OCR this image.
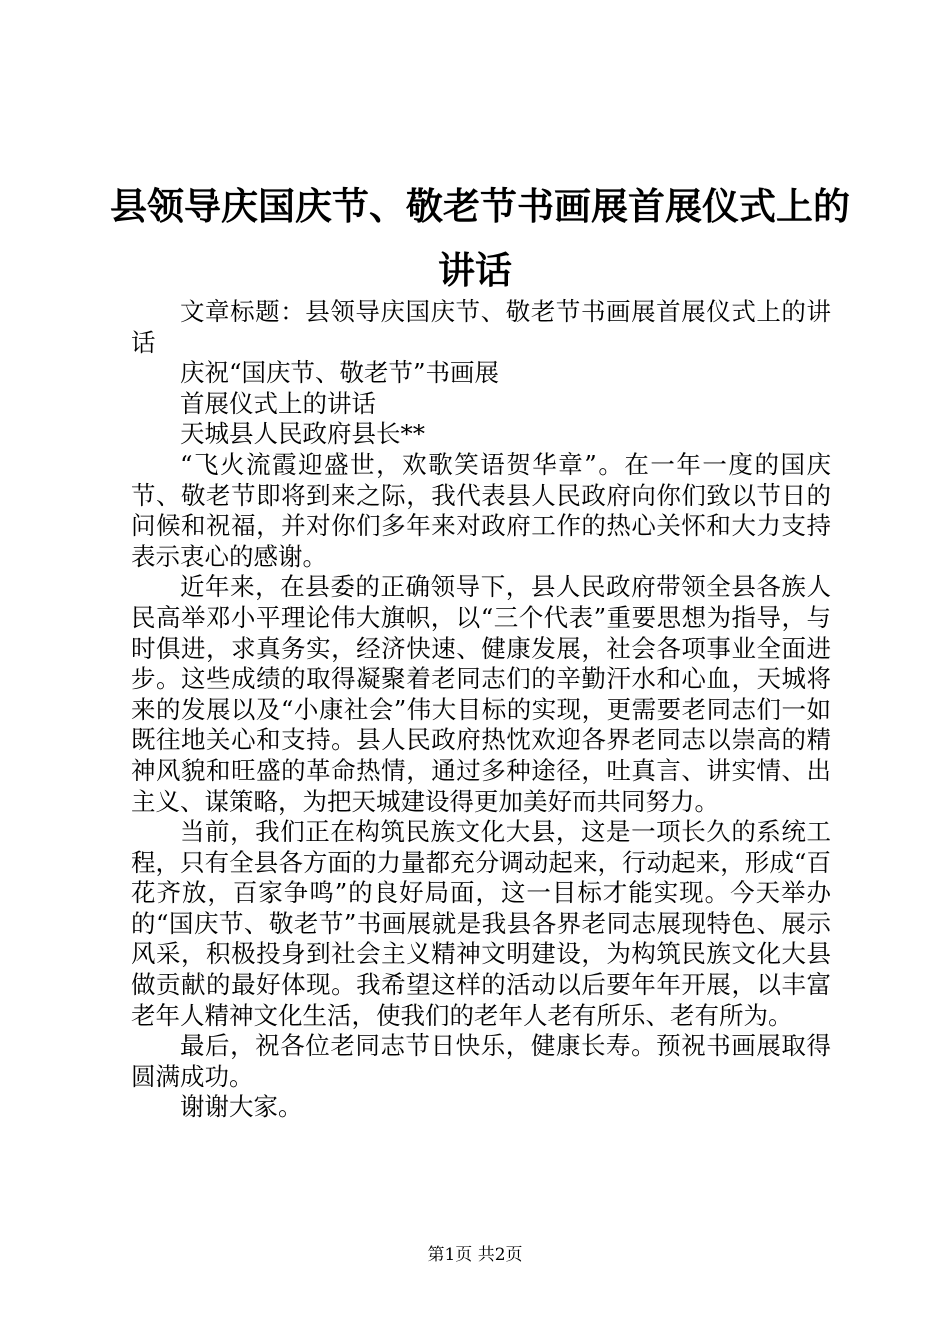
县领导庆国庆节、敬老节书画展首展仪式上的
讲话

文章标题：县领导庆国庆节、敬老节书画展首展仪式上的讲话

庆祝“国庆节、敬老节”书画展

首展仪式上的讲话

天城县人民政府县长**

“飞火流霞迎盛世，欢歌笑语贺华章”。在一年一度的国庆节、敬老节即将到来之际，我代表县人民政府向你们致以节日的问候和祝福，并对你们多年来对政府工作的热心关怀和大力支持表示衷心的感谢。

近年来，在县委的正确领导下，县人民政府带领全县各族人民高举邓小平理论伟大旗帜，以“三个代表”重要思想为指导，与时俱进，求真务实，经济快速、健康发展，社会各项事业全面进步。这些成绩的取得凝聚着老同志们的辛勤汗水和心血，天城将来的发展以及“小康社会”伟大目标的实现，更需要老同志们一如既往地关心和支持。县人民政府热忱欢迎各界老同志以崇高的精神风貌和旺盛的革命热情，通过多种途径，吐真言、讲实情、出主义、谋策略，为把天城建设得更加美好而共同努力。

当前，我们正在构筑民族文化大县，这是一项长久的系统工程，只有全县各方面的力量都充分调动起来，行动起来，形成“百花齐放，百家争鸣”的良好局面，这一目标才能实现。今天举办的“国庆节、敬老节”书画展就是我县各界老同志展现特色、展示风采，积极投身到社会主义精神文明建设，为构筑民族文化大县做贡献的最好体现。我希望这样的活动以后要年年开展，以丰富老年人精神文化生活，使我们的老年人老有所乐、老有所为。

最后，祝各位老同志节日快乐，健康长寿。预祝书画展取得圆满成功。

谢谢大家。

第1页 共2页
